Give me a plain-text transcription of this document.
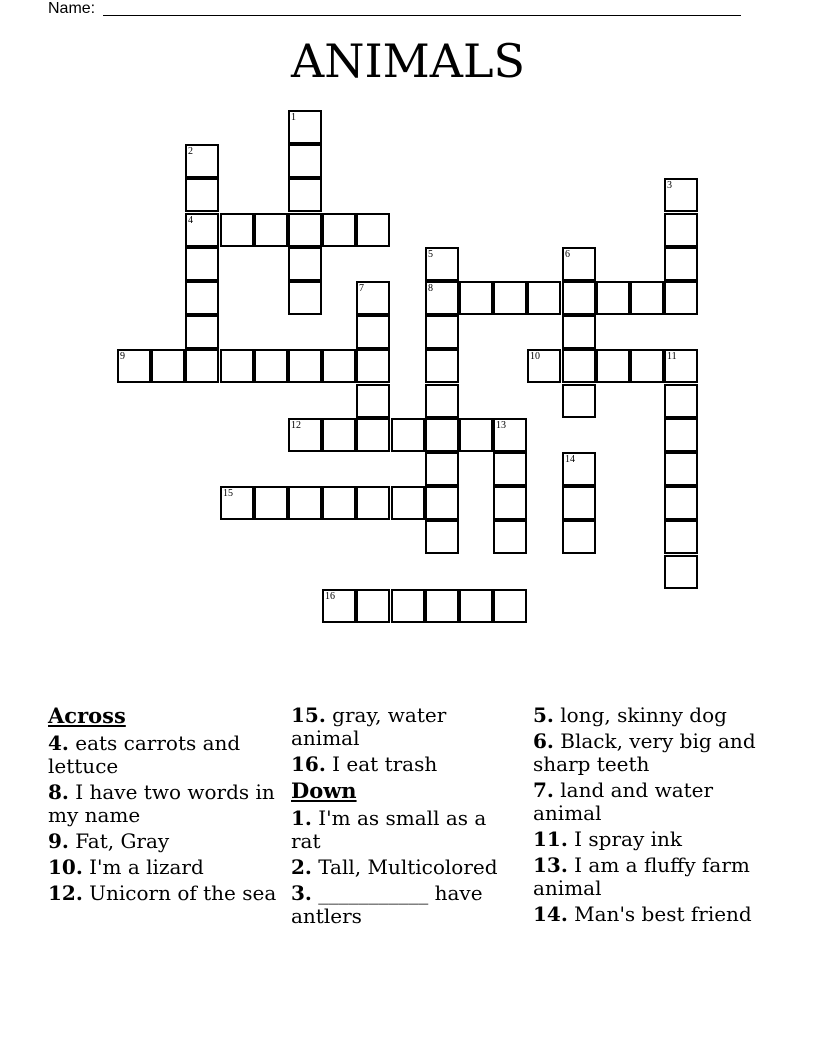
Name:
ANIMALS
1
2
3
4
5	6
7	8
9	10	11
12	13
14
15
16
Across
4. eats carrots and lettuce
8. I have two words in my name
9. Fat, Gray
10. I'm a lizard
12. Unicorn of the sea
15. gray, water animal
16. I eat trash
Down
1. I'm as small as a rat
2. Tall, Multicolored
3. ___________ have antlers
5. long, skinny dog
6. Black, very big and sharp teeth
7. land and water animal
11. I spray ink
13. I am a fluffy farm animal
14. Man's best friend
